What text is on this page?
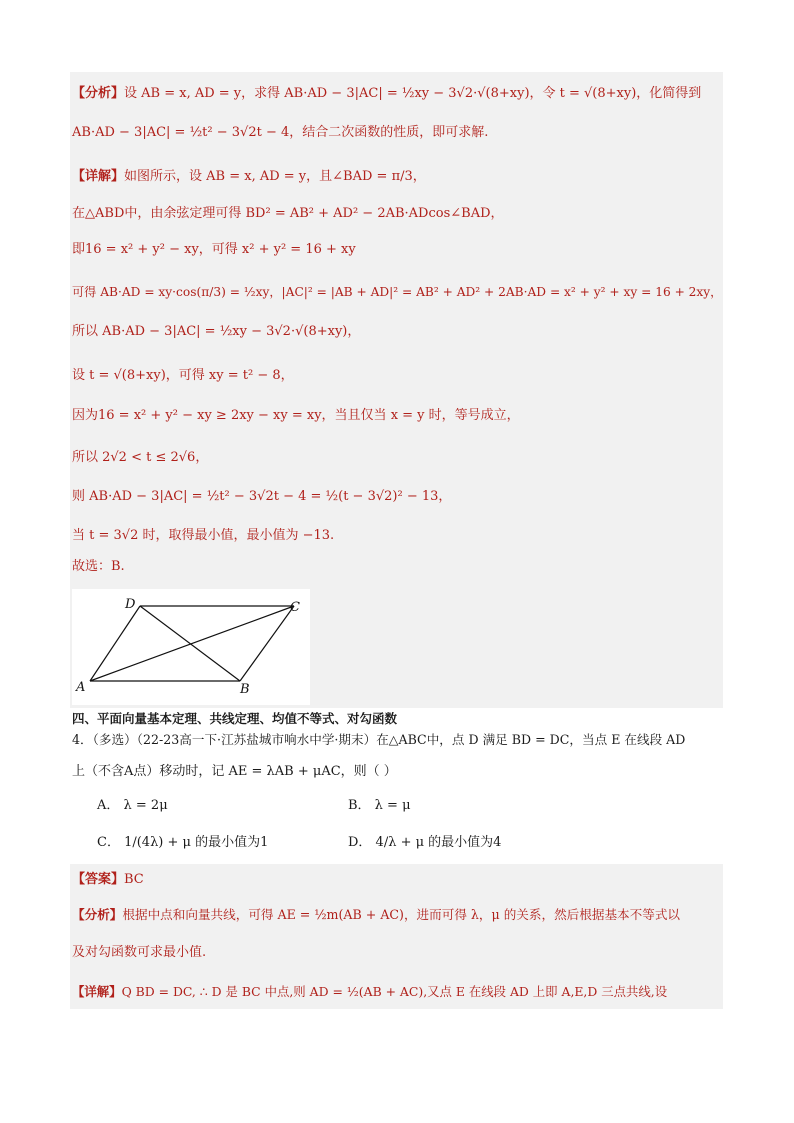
【分析】设 AB = x, AD = y，求得 AB·AD − 3|AC| = ½xy − 3√2·√(8+xy)，令 t = √(8+xy)，化简得到
AB·AD − 3|AC| = ½t² − 3√2t − 4，结合二次函数的性质，即可求解.
【详解】如图所示，设 AB = x, AD = y，且∠BAD = π/3，
在△ABD中，由余弦定理可得 BD² = AB² + AD² − 2AB·ADcos∠BAD，
即16 = x² + y² − xy，可得 x² + y² = 16 + xy
可得 AB·AD = xy·cos(π/3) = ½xy，|AC|² = |AB + AD|² = AB² + AD² + 2AB·AD = x² + y² + xy = 16 + 2xy，
所以 AB·AD − 3|AC| = ½xy − 3√2·√(8+xy)，
设 t = √(8+xy)，可得 xy = t² − 8，
因为16 = x² + y² − xy ≥ 2xy − xy = xy，当且仅当 x = y 时，等号成立，
所以 2√2 < t ≤ 2√6，
则 AB·AD − 3|AC| = ½t² − 3√2t − 4 = ½(t − 3√2)² − 13，
当 t = 3√2 时，取得最小值，最小值为 −13.
故选：B.
D	C
A	B
四、平面向量基本定理、共线定理、均值不等式、对勾函数
4．（多选）（22-23高一下·江苏盐城市响水中学·期末）在△ABC中，点 D 满足 BD = DC，当点 E 在线段 AD
上（不含A点）移动时，记 AE = λAB + μAC，则（ ）
A． λ = 2μ	B． λ = μ
C． 1/(4λ) + μ 的最小值为1	D． 4/λ + μ 的最小值为4
【答案】BC
【分析】根据中点和向量共线，可得 AE = ½m(AB + AC)，进而可得 λ，μ 的关系，然后根据基本不等式以
及对勾函数可求最小值.
【详解】Q BD = DC, ∴ D 是 BC 中点,则 AD = ½(AB + AC),又点 E 在线段 AD 上即 A,E,D 三点共线,设
